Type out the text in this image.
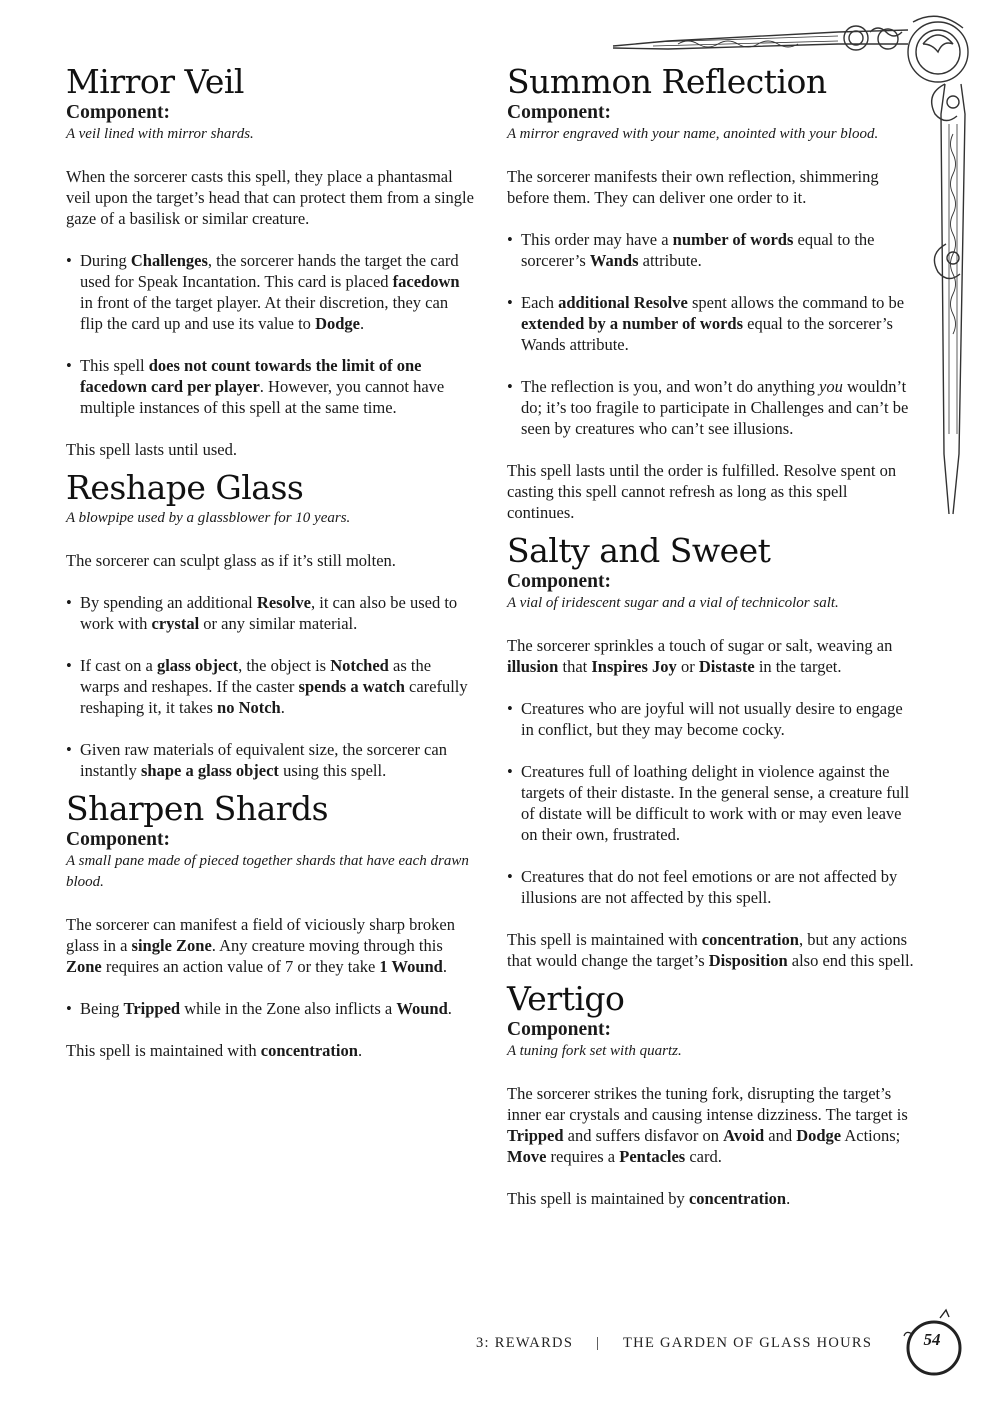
Mirror Veil

Component:

A veil lined with mirror shards.

When the sorcerer casts this spell, they place a phantasmal veil upon the target’s head that can protect them from a single gaze of a basilisk or similar creature.

• During Challenges, the sorcerer hands the target the card used for Speak Incantation. This card is placed facedown in front of the target player. At their discretion, they can flip the card up and use its value to Dodge.
• This spell does not count towards the limit of one facedown card per player. However, you cannot have multiple instances of this spell at the same time.

This spell lasts until used.

Reshape Glass

A blowpipe used by a glassblower for 10 years.

The sorcerer can sculpt glass as if it’s still molten.

• By spending an additional Resolve, it can also be used to work with crystal or any similar material.
• If cast on a glass object, the object is Notched as the warps and reshapes. If the caster spends a watch carefully reshaping it, it takes no Notch.
• Given raw materials of equivalent size, the sorcerer can instantly shape a glass object using this spell.
Sharpen Shards

Component:

A small pane made of pieced together shards that have each drawn blood.

The sorcerer can manifest a field of viciously sharp broken glass in a single Zone. Any creature moving through this Zone requires an action value of 7 or they take 1 Wound.

• Being Tripped while in the Zone also inflicts a Wound.

This spell is maintained with concentration.

Summon Reflection

Component:

A mirror engraved with your name, anointed with your blood.

The sorcerer manifests their own reflection, shimmering before them. They can deliver one order to it.

• This order may have a number of words equal to the sorcerer’s Wands attribute.
• Each additional Resolve spent allows the command to be extended by a number of words equal to the sorcerer’s Wands attribute.
• The reflection is you, and won’t do anything you wouldn’t do; it’s too fragile to participate in Challenges and can’t be seen by creatures who can’t see illusions.

This spell lasts until the order is fulfilled. Resolve spent on casting this spell cannot refresh as long as this spell continues.

Salty and Sweet

Component:

A vial of iridescent sugar and a vial of technicolor salt.

The sorcerer sprinkles a touch of sugar or salt, weaving an illusion that Inspires Joy or Distaste in the target.

• Creatures who are joyful will not usually desire to engage in conflict, but they may become cocky.
• Creatures full of loathing delight in violence against the targets of their distaste. In the general sense, a creature full of distate will be difficult to work with or may even leave on their own, frustrated.
• Creatures that do not feel emotions or are not affected by illusions are not affected by this spell.

This spell is maintained with concentration, but any actions that would change the target’s Disposition also end this spell.

Vertigo

Component:

A tuning fork set with quartz.

The sorcerer strikes the tuning fork, disrupting the target’s inner ear crystals and causing intense dizziness. The target is Tripped and suffers disfavor on Avoid and Dodge Actions; Move requires a Pentacles card.

This spell is maintained by concentration.

3: REWARDS | THE GARDEN OF GLASS HOURS	54
